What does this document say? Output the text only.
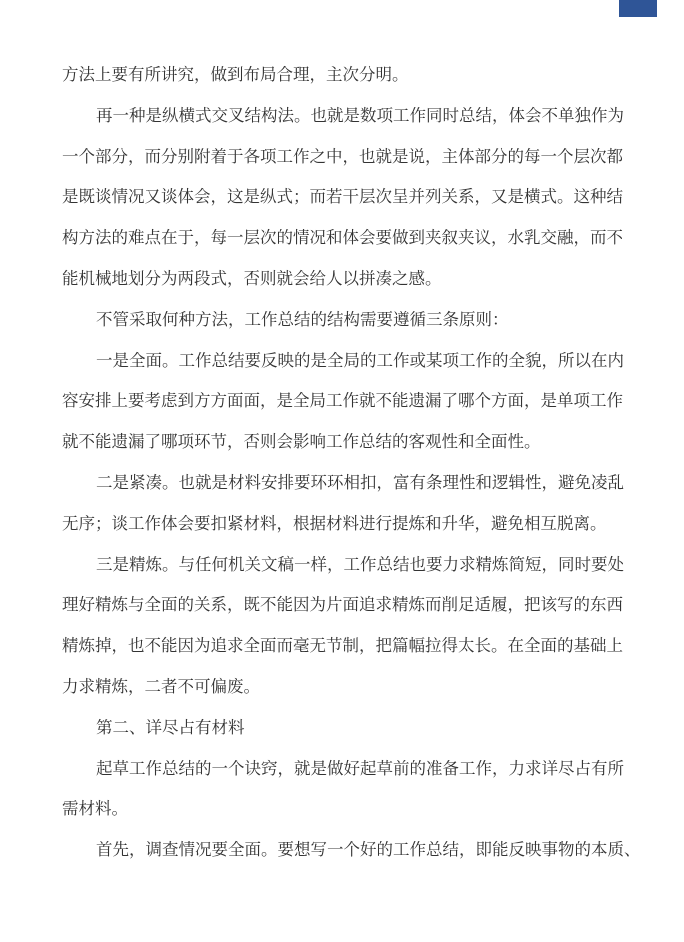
方法上要有所讲究，做到布局合理，主次分明。
再一种是纵横式交叉结构法。也就是数项工作同时总结，体会不单独作为
一个部分，而分别附着于各项工作之中，也就是说，主体部分的每一个层次都
是既谈情况又谈体会，这是纵式；而若干层次呈并列关系，又是横式。这种结
构方法的难点在于，每一层次的情况和体会要做到夹叙夹议，水乳交融，而不
能机械地划分为两段式，否则就会给人以拼凑之感。
不管采取何种方法，工作总结的结构需要遵循三条原则：
一是全面。工作总结要反映的是全局的工作或某项工作的全貌，所以在内
容安排上要考虑到方方面面，是全局工作就不能遗漏了哪个方面，是单项工作
就不能遗漏了哪项环节，否则会影响工作总结的客观性和全面性。
二是紧凑。也就是材料安排要环环相扣，富有条理性和逻辑性，避免凌乱
无序；谈工作体会要扣紧材料，根据材料进行提炼和升华，避免相互脱离。
三是精炼。与任何机关文稿一样，工作总结也要力求精炼简短，同时要处
理好精炼与全面的关系，既不能因为片面追求精炼而削足适履，把该写的东西
精炼掉，也不能因为追求全面而毫无节制，把篇幅拉得太长。在全面的基础上
力求精炼，二者不可偏废。
第二、详尽占有材料
起草工作总结的一个诀窍，就是做好起草前的准备工作，力求详尽占有所
需材料。
首先，调查情况要全面。要想写一个好的工作总结，即能反映事物的本质、
